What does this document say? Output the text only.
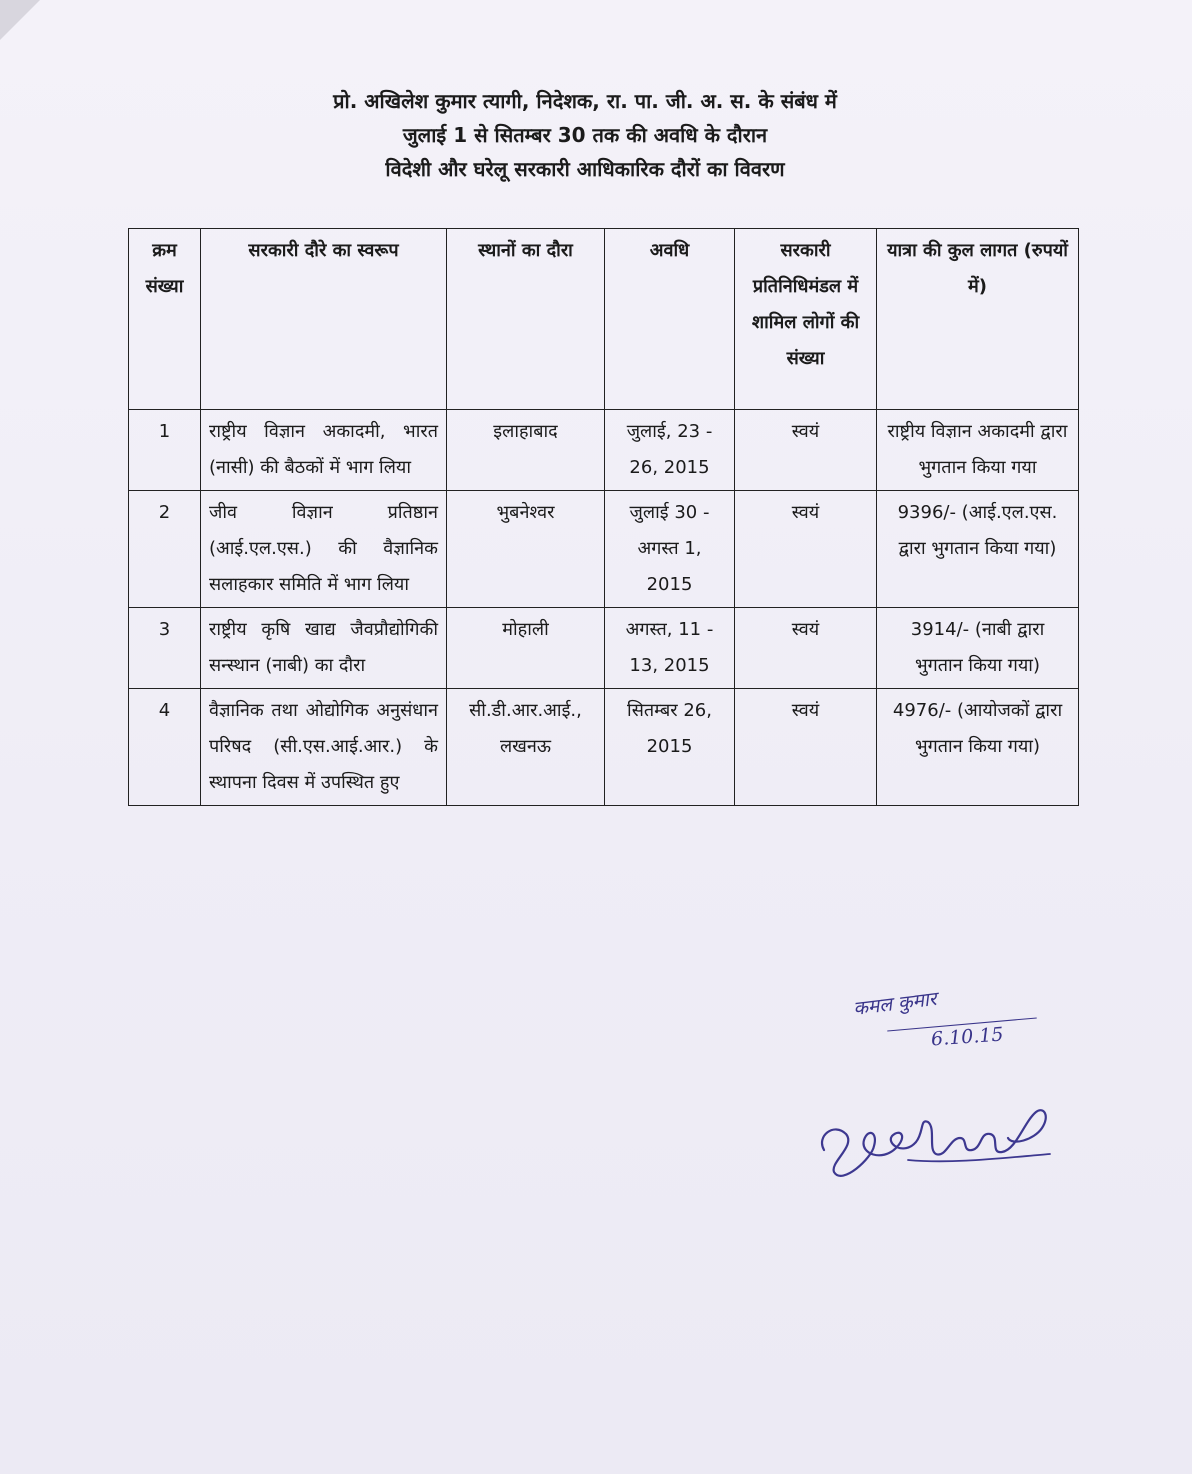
प्रो. अखिलेश कुमार त्यागी, निदेशक, रा. पा. जी. अ. स. के संबंध में
जुलाई 1 से सितम्बर 30 तक की अवधि के दौरान
विदेशी और घरेलू सरकारी आधिकारिक दौरों का विवरण
क्रम संख्या	सरकारी दौरे का स्वरूप	स्थानों का दौरा	अवधि	सरकारी प्रतिनिधिमंडल में शामिल लोगों की संख्या	यात्रा की कुल लागत (रुपयों में)
1	राष्ट्रीय विज्ञान अकादमी, भारत (नासी) की बैठकों में भाग लिया	इलाहाबाद	जुलाई, 23 - 26, 2015	स्वयं	राष्ट्रीय विज्ञान अकादमी द्वारा भुगतान किया गया
2	जीव विज्ञान प्रतिष्ठान (आई.एल.एस.) की वैज्ञानिक सलाहकार समिति में भाग लिया	भुबनेश्वर	जुलाई 30 - अगस्त 1, 2015	स्वयं	9396/- (आई.एल.एस. द्वारा भुगतान किया गया)
3	राष्ट्रीय कृषि खाद्य जैवप्रौद्योगिकी सन्स्थान (नाबी) का दौरा	मोहाली	अगस्त, 11 - 13, 2015	स्वयं	3914/- (नाबी द्वारा भुगतान किया गया)
4	वैज्ञानिक तथा ओद्योगिक अनुसंधान परिषद (सी.एस.आई.आर.) के स्थापना दिवस में उपस्थित हुए	सी.डी.आर.आई., लखनऊ	सितम्बर 26, 2015	स्वयं	4976/- (आयोजकों द्वारा भुगतान किया गया)
कमल कुमार
6.10.15
